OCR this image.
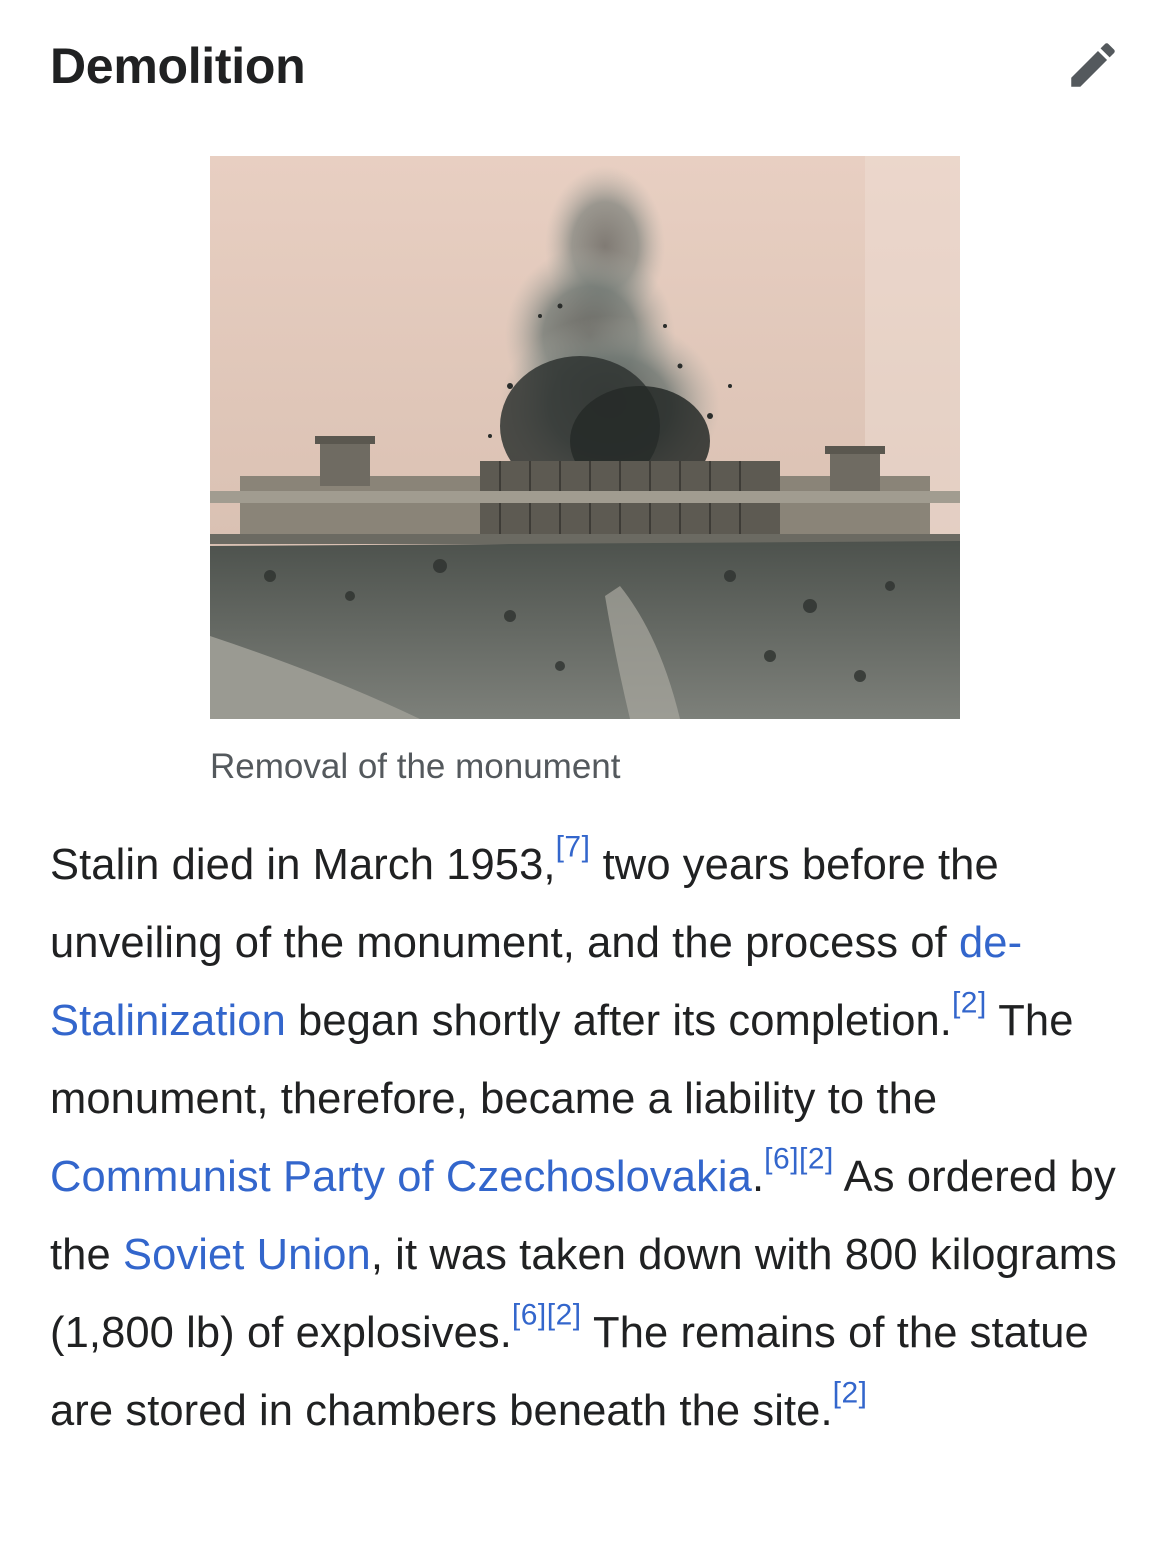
Demolition
Removal of the monument

Stalin died in March 1953,[7] two years before the unveiling of the monument, and the process of de-Stalinization began shortly after its completion.[2] The monument, therefore, became a liability to the Communist Party of Czechoslovakia.[6][2] As ordered by the Soviet Union, it was taken down with 800 kilograms (1,800 lb) of explosives.[6][2] The remains of the statue are stored in chambers beneath the site.[2]
